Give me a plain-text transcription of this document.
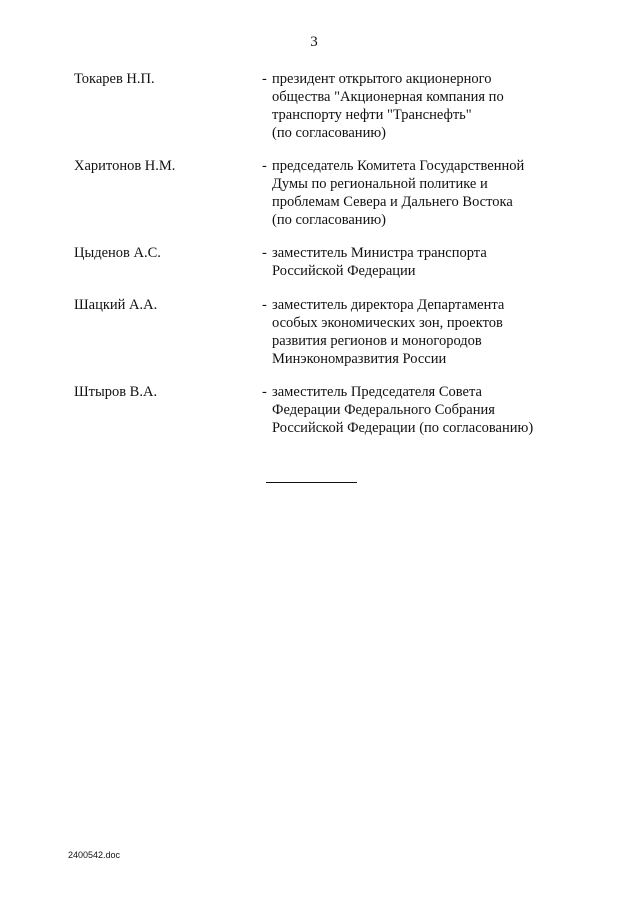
3
Токарев Н.П.	- президент открытого акционерного
общества "Акционерная компания по
транспорту нефти "Транснефть"
(по согласованию)
Харитонов Н.М.	- председатель Комитета Государственной
Думы по региональной политике и
проблемам Севера и Дальнего Востока
(по согласованию)
Цыденов А.С.	- заместитель Министра транспорта
Российской Федерации
Шацкий А.А.	- заместитель директора Департамента
особых экономических зон, проектов
развития регионов и моногородов
Минэкономразвития России
Штыров В.А.	- заместитель Председателя Совета
Федерации Федерального Собрания
Российской Федерации (по согласованию)
2400542.doc
